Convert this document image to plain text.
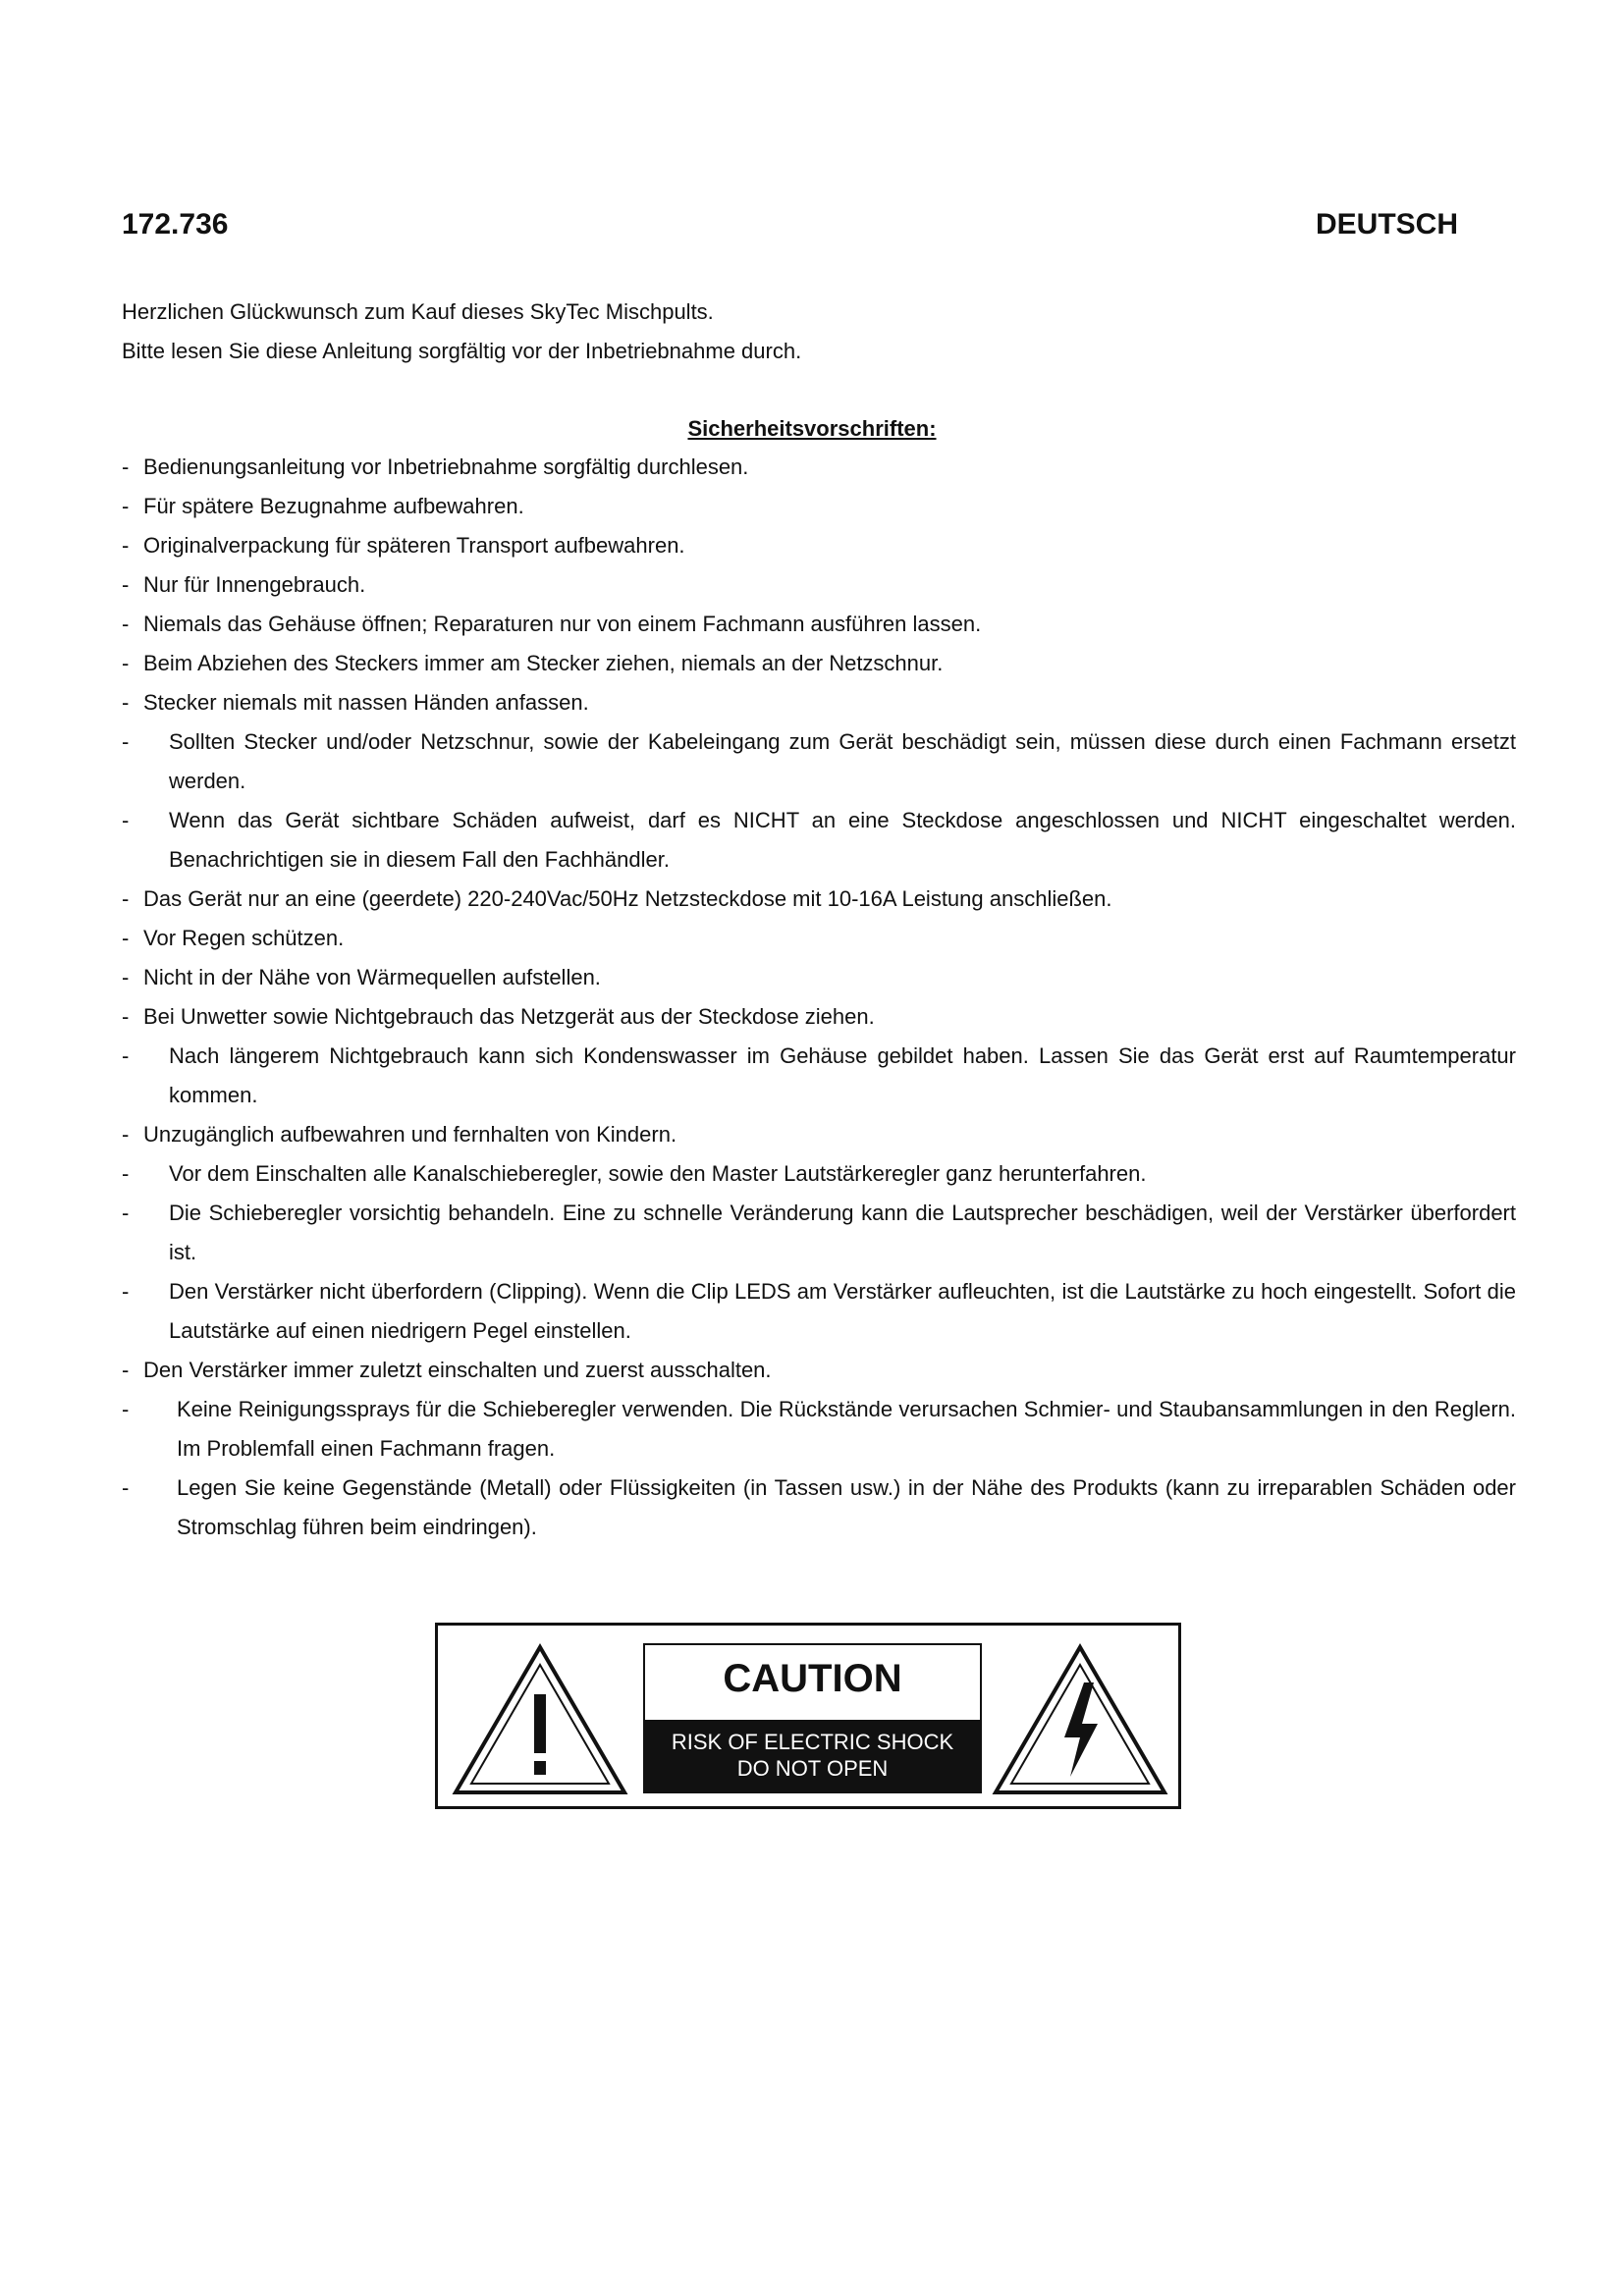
172.736	DEUTSCH
Herzlichen Glückwunsch zum Kauf dieses SkyTec Mischpults.
Bitte lesen Sie diese Anleitung sorgfältig vor der Inbetriebnahme durch.
Sicherheitsvorschriften:
- Bedienungsanleitung vor Inbetriebnahme sorgfältig durchlesen.
- Für spätere Bezugnahme aufbewahren.
- Originalverpackung für späteren Transport aufbewahren.
- Nur für Innengebrauch.
- Niemals das Gehäuse öffnen; Reparaturen nur von einem Fachmann ausführen lassen.
- Beim Abziehen des Steckers immer am Stecker ziehen, niemals an der Netzschnur.
- Stecker niemals mit nassen Händen anfassen.
-	Sollten Stecker und/oder Netzschnur, sowie der Kabeleingang zum Gerät beschädigt sein, müssen diese durch einen Fachmann ersetzt werden.
-	Wenn das Gerät sichtbare Schäden aufweist, darf es NICHT an eine Steckdose angeschlossen und NICHT eingeschaltet werden. Benachrichtigen sie in diesem Fall den Fachhändler.
- Das Gerät nur an eine (geerdete) 220-240Vac/50Hz Netzsteckdose mit 10-16A Leistung anschließen.
- Vor Regen schützen.
- Nicht in der Nähe von Wärmequellen aufstellen.
- Bei Unwetter sowie Nichtgebrauch das Netzgerät aus der Steckdose ziehen.
-	Nach längerem Nichtgebrauch kann sich Kondenswasser im Gehäuse gebildet haben. Lassen Sie das Gerät erst auf Raumtemperatur kommen.
- Unzugänglich aufbewahren und fernhalten von Kindern.
-	Vor dem Einschalten alle Kanalschieberegler, sowie den Master Lautstärkeregler ganz herunterfahren.
-	Die Schieberegler vorsichtig behandeln. Eine zu schnelle Veränderung kann die Lautsprecher beschädigen, weil der Verstärker überfordert ist.
-	Den Verstärker nicht überfordern (Clipping). Wenn die Clip LEDS am Verstärker aufleuchten, ist die Lautstärke zu hoch eingestellt. Sofort die Lautstärke auf einen niedrigern Pegel einstellen.
- Den Verstärker immer zuletzt einschalten und zuerst ausschalten.
-	Keine Reinigungssprays für die Schieberegler verwenden. Die Rückstände verursachen Schmier- und Staubansammlungen in den Reglern. Im Problemfall einen Fachmann fragen.
-	Legen Sie keine Gegenstände (Metall) oder Flüssigkeiten (in Tassen usw.) in der Nähe des Produkts (kann zu irreparablen Schäden oder Stromschlag führen beim eindringen).
CAUTION
RISK OF ELECTRIC SHOCK
DO NOT OPEN
